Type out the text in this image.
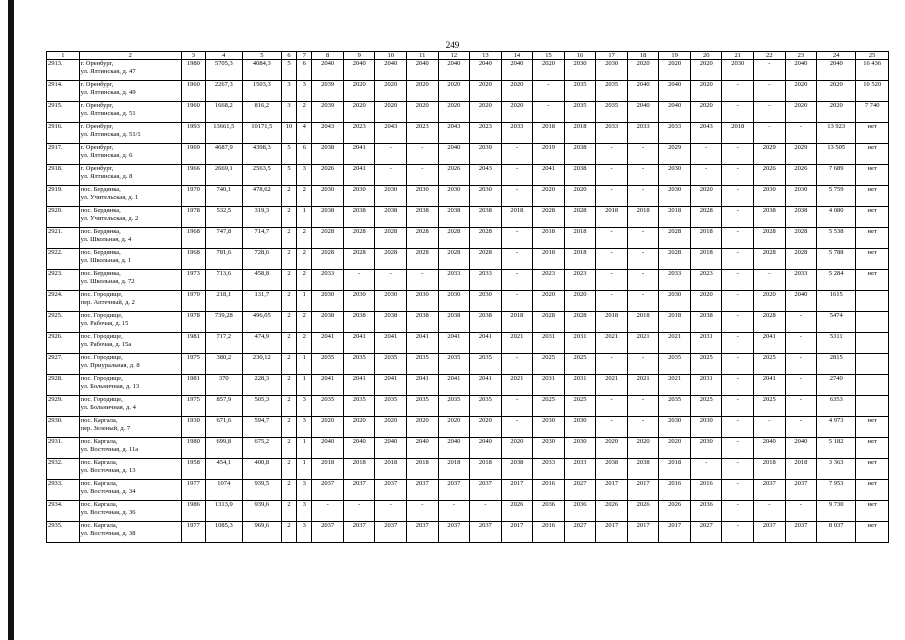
249
1	2	3	4	5	6	7	8	9	10	11	12	13	14	15	16	17	18	19	20	21	22	23	24	25
2913.	г. Оренбург,
ул. Ялтинская, д. 47	1980	5705,3	4084,3	5	6	2040	2040	2040	2040	2040	2040	2040	2020	2030	2030	2020	2020	2020	2030	-	2040	2040	16 436
2914.	г. Оренбург,
ул. Ялтинская, д. 49	1960	2267,3	1503,3	3	3	2039	2020	2020	2020	2020	2020	2020	-	2035	2035	2040	2040	2020	-	-	2020	2020	10 520
2915.	г. Оренбург,
ул. Ялтинская, д. 51	1960	1668,2	816,2	3	2	2039	2020	2020	2020	2020	2020	2020	-	2035	2035	2040	2040	2020	-	-	2020	2020	7 740
2916.	г. Оренбург,
ул. Ялтинская, д. 51/1	1993	13661,5	10171,5	10	4	2043	2023	2043	2023	2043	2023	2033	2018	2018	2033	2033	2033	2043	2018	-	-	13 923	нет
2917.	г. Оренбург,
ул. Ялтинская, д. 6	1969	4687,9	4398,3	5	6	2038	2041	-	-	2040	2039	-	2019	2038	-	-	2029	-	-	2029	2029	13 505	нет
2918.	г. Оренбург,
ул. Ялтинская, д. 8	1966	2669,1	2563,5	5	3	2026	2041	-	-	2026	2043	-	2041	2038	-	-	2030	-	-	2026	2026	7 689	нет
2919.	пос. Бердянка,
ул. Учительская, д. 1	1970	740,1	478,62	2	2	2030	2030	2030	2030	2030	2030	-	2020	2020	-	-	2030	2020	-	2030	2030	5 759	нет
2920.	пос. Бердянка,
ул. Учительская, д. 2	1978	532,5	319,3	2	1	2038	2038	2038	2038	2038	2038	2018	2028	2028	2018	2018	2018	2028	-	2038	2038	4 080	нет
2921.	пос. Бердянка,
ул. Школьная, д. 4	1968	747,8	714,7	2	2	2028	2028	2028	2028	2028	2028	-	2018	2018	-	-	2028	2018	-	2028	2028	5 538	нет
2922.	пос. Бердянка,
ул. Школьная, д. 1	1968	781,6	728,6	2	2	2028	2028	2028	2028	2028	2028	-	2018	2018	-	-	2028	2018	-	2028	2028	5 788	нет
2923.	пос. Бердянка,
ул. Школьная, д. 72	1973	713,6	458,8	2	2	2033	-	-	-	2033	2033	-	2023	2023	-	-	2033	2023	-	-	2033	5 284	нет
2924.	пос. Городище,
пер. Аптечный, д. 2	1970	218,1	131,7	2	1	2030	2030	2030	2030	2030	2030	-	2020	2020	-	-	2030	2020	-	2020	2040	1615	
2925.	пос. Городище,
ул. Рабочая, д. 15	1978	739,28	496,05	2	2	2038	2038	2038	2038	2038	2038	2018	2028	2028	2018	2018	2018	2038	-	2028	-	5474	
2926.	пос. Городище,
ул. Рабочая, д. 15а	1981	717,2	474,9	2	2	2041	2041	2041	2041	2041	2041	2021	2031	2031	2021	2021	2021	2031	-	2041	-	5311	
2927.	пос. Городище,
ул. Приуральная, д. 8	1975	380,2	230,12	2	1	2035	2035	2035	2035	2035	2035	-	2025	2025	-	-	2035	2025	-	2025	-	2815	
2928.	пос. Городище,
ул. Больничная, д. 13	1981	370	228,3	2	1	2041	2041	2041	2041	2041	2041	2021	2031	2031	2021	2021	2021	2031	-	2041	-	2740	
2929.	пос. Городище,
ул. Больничная, д. 4	1975	857,9	505,3	2	3	2035	2035	2035	2035	2035	2035	-	2025	2025	-	-	2035	2025	-	2025	-	6353	
2930.	пос. Каргала,
пер. Зеленый, д. 7	1930	671,6	594,7	2	3	2020	2020	2020	2020	2020	2020	-	2030	2030	-	-	2030	2030	-	-	-	4 973	нет
2931.	пос. Каргала,
ул. Восточная, д. 11а	1980	699,8	675,2	2	1	2040	2040	2040	2040	2040	2040	2020	2030	2030	2020	2020	2020	2030	-	2040	2040	5 182	нет
2932.	пос. Каргала,
ул. Восточная, д. 13	1958	454,1	400,8	2	1	2018	2018	2018	2018	2018	2018	2038	2033	2033	2038	2038	2018	-	-	2018	2018	3 363	нет
2933.	пос. Каргала,
ул. Восточная, д. 34	1977	1074	939,5	2	3	2037	2037	2037	2037	2037	2037	2017	2016	2027	2017	2017	2016	2016	-	2037	2037	7 953	нет
2934.	пос. Каргала,
ул. Восточная, д. 36	1986	1313,9	939,6	2	3	-	-	-	-	-	-	2026	2036	2036	2026	2026	2026	2036	-	-	-	9 730	нет
2935.	пос. Каргала,
ул. Восточная, д. 38	1977	1085,3	969,6	2	3	2037	2037	2037	2037	2037	2037	2017	2016	2027	2017	2017	2017	2027	-	2037	2037	8 037	нет
